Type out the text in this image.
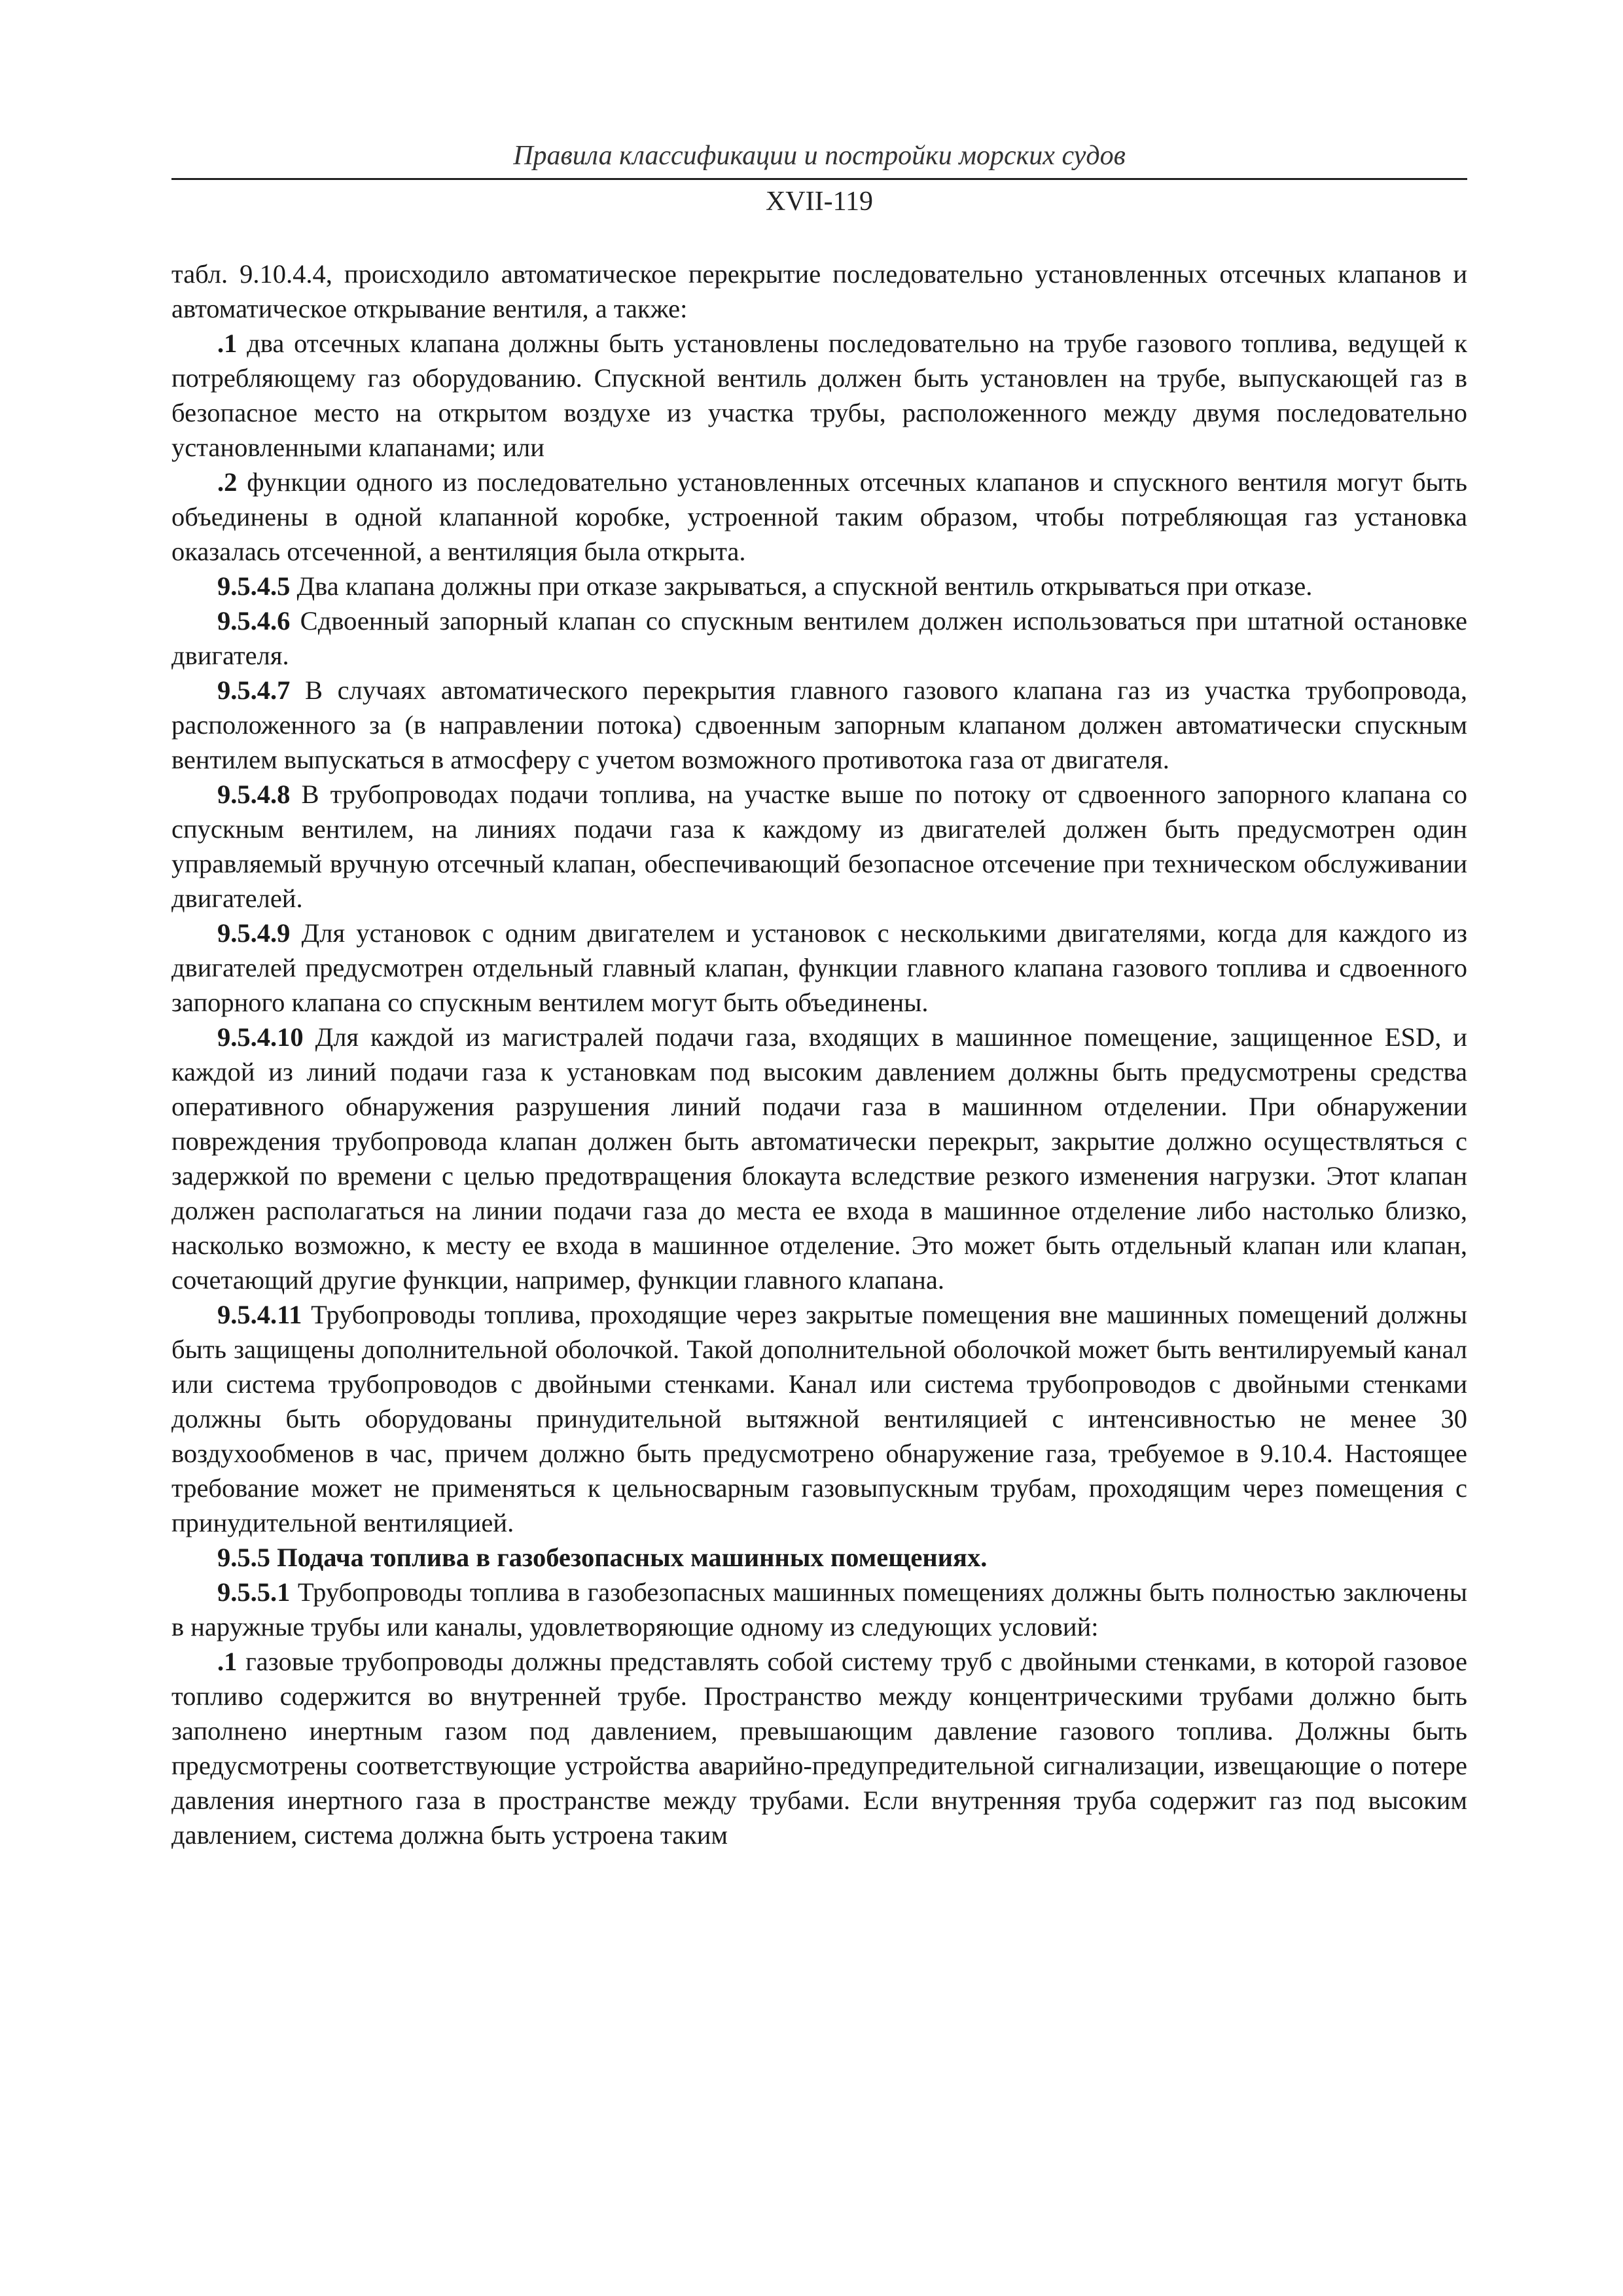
Правила классификации и постройки морских судов
XVII-119

табл. 9.10.4.4, происходило автоматическое перекрытие последовательно установленных отсечных клапанов и автоматическое открывание вентиля, а также:

.1 два отсечных клапана должны быть установлены последовательно на трубе газового топлива, ведущей к потребляющему газ оборудованию. Спускной вентиль должен быть установлен на трубе, выпускающей газ в безопасное место на открытом воздухе из участка трубы, расположенного между двумя последовательно установленными клапанами; или

.2 функции одного из последовательно установленных отсечных клапанов и спускного вентиля могут быть объединены в одной клапанной коробке, устроенной таким образом, чтобы потребляющая газ установка оказалась отсеченной, а вентиляция была открыта.

9.5.4.5 Два клапана должны при отказе закрываться, а спускной вентиль открываться при отказе.

9.5.4.6 Сдвоенный запорный клапан со спускным вентилем должен использоваться при штатной остановке двигателя.

9.5.4.7 В случаях автоматического перекрытия главного газового клапана газ из участка трубопровода, расположенного за (в направлении потока) сдвоенным запорным клапаном должен автоматически спускным вентилем выпускаться в атмосферу с учетом возможного противотока газа от двигателя.

9.5.4.8 В трубопроводах подачи топлива, на участке выше по потоку от сдвоенного запорного клапана со спускным вентилем, на линиях подачи газа к каждому из двигателей должен быть предусмотрен один управляемый вручную отсечный клапан, обеспечивающий безопасное отсечение при техническом обслуживании двигателей.

9.5.4.9 Для установок с одним двигателем и установок с несколькими двигателями, когда для каждого из двигателей предусмотрен отдельный главный клапан, функции главного клапана газового топлива и сдвоенного запорного клапана со спускным вентилем могут быть объединены.

9.5.4.10 Для каждой из магистралей подачи газа, входящих в машинное помещение, защищенное ESD, и каждой из линий подачи газа к установкам под высоким давлением должны быть предусмотрены средства оперативного обнаружения разрушения линий подачи газа в машинном отделении. При обнаружении повреждения трубопровода клапан должен быть автоматически перекрыт, закрытие должно осуществляться с задержкой по времени с целью предотвращения блокаута вследствие резкого изменения нагрузки. Этот клапан должен располагаться на линии подачи газа до места ее входа в машинное отделение либо настолько близко, насколько возможно, к месту ее входа в машинное отделение. Это может быть отдельный клапан или клапан, сочетающий другие функции, например, функции главного клапана.

9.5.4.11 Трубопроводы топлива, проходящие через закрытые помещения вне машинных помещений должны быть защищены дополнительной оболочкой. Такой дополнительной оболочкой может быть вентилируемый канал или система трубопроводов с двойными стенками. Канал или система трубопроводов с двойными стенками должны быть оборудованы принудительной вытяжной вентиляцией с интенсивностью не менее 30 воздухообменов в час, причем должно быть предусмотрено обнаружение газа, требуемое в 9.10.4. Настоящее требование может не применяться к цельносварным газовыпускным трубам, проходящим через помещения с принудительной вентиляцией.

9.5.5 Подача топлива в газобезопасных машинных помещениях.

9.5.5.1 Трубопроводы топлива в газобезопасных машинных помещениях должны быть полностью заключены в наружные трубы или каналы, удовлетворяющие одному из следующих условий:

.1 газовые трубопроводы должны представлять собой систему труб с двойными стенками, в которой газовое топливо содержится во внутренней трубе. Пространство между концентрическими трубами должно быть заполнено инертным газом под давлением, превышающим давление газового топлива. Должны быть предусмотрены соответствующие устройства аварийно-предупредительной сигнализации, извещающие о потере давления инертного газа в пространстве между трубами. Если внутренняя труба содержит газ под высоким давлением, система должна быть устроена таким
